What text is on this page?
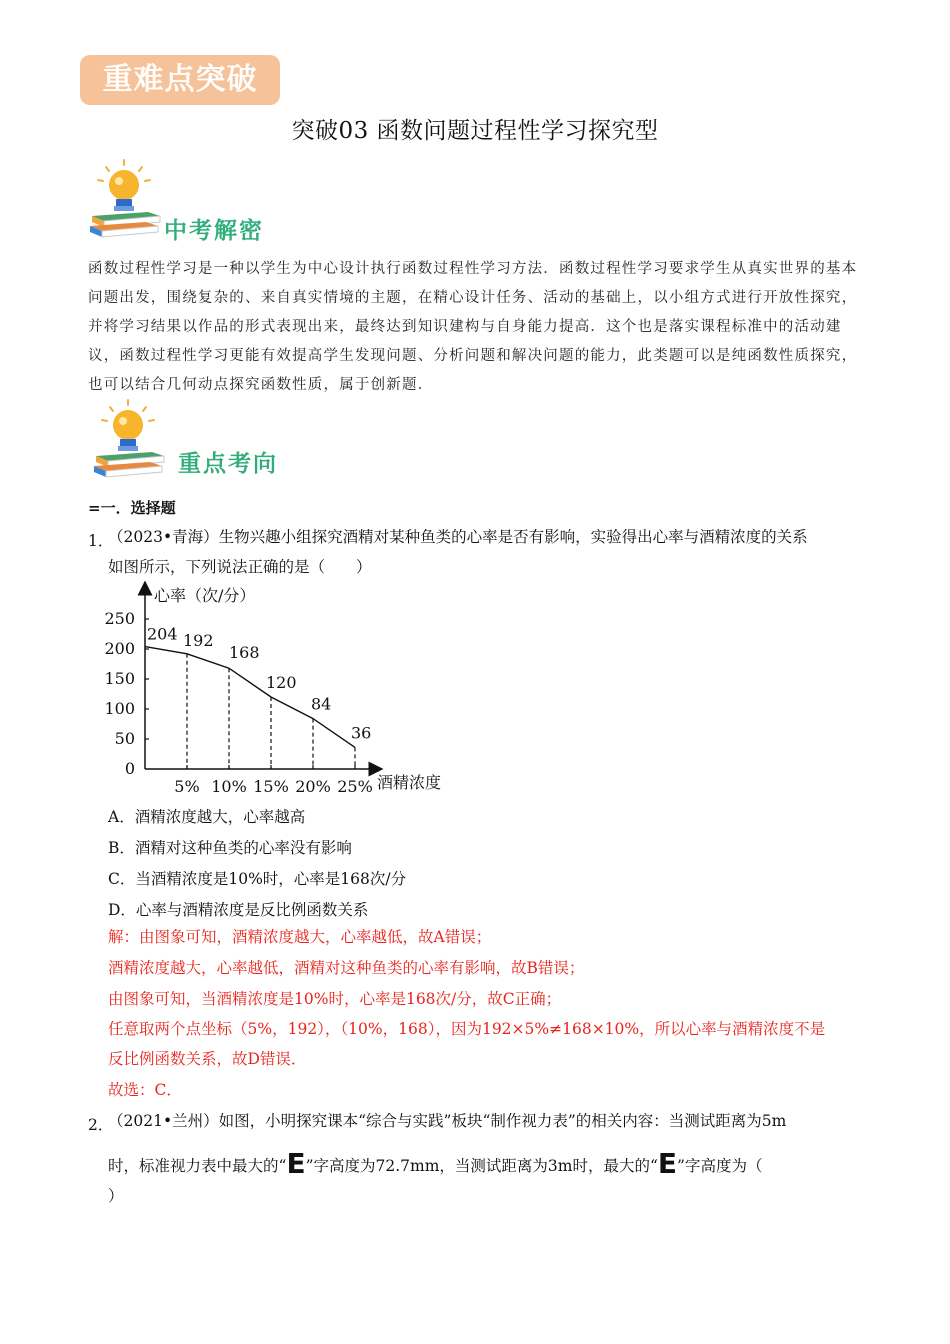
重难点突破
突破03 函数问题过程性学习探究型
中考解密
函数过程性学习是一种以学生为中心设计执行函数过程性学习方法．函数过程性学习要求学生从真实世界的基本问题出发，围绕复杂的、来自真实情境的主题，在精心设计任务、活动的基础上，以小组方式进行开放性探究，并将学习结果以作品的形式表现出来，最终达到知识建构与自身能力提高．这个也是落实课程标准中的活动建议，函数过程性学习更能有效提高学生发现问题、分析问题和解决问题的能力，此类题可以是纯函数性质探究，也可以结合几何动点探究函数性质，属于创新题．
重点考向
=一．选择题
1．
（2023•青海）生物兴趣小组探究酒精对某种鱼类的心率是否有影响，实验得出心率与酒精浓度的关系
如图所示，下列说法正确的是（　　）
心率（次/分）
酒精浓度
0
50
100
150
200
250
5% 10% 15% 20% 25%
204 192
168
120
84
36
A．酒精浓度越大，心率越高
B．酒精对这种鱼类的心率没有影响
C．当酒精浓度是10%时，心率是168次/分
D．心率与酒精浓度是反比例函数关系
解：由图象可知，酒精浓度越大，心率越低，故A错误；
酒精浓度越大，心率越低，酒精对这种鱼类的心率有影响，故B错误；
由图象可知，当酒精浓度是10%时，心率是168次/分，故C正确；
任意取两个点坐标（5%，192），（10%，168），因为192×5%≠168×10%，所以心率与酒精浓度不是
反比例函数关系，故D错误．
故选：C．
2．
（2021•兰州）如图，小明探究课本“综合与实践”板块“制作视力表”的相关内容：当测试距离为5m
时，标准视力表中最大的“E”字高度为72.7mm，当测试距离为3m时，最大的“E”字高度为（
）
